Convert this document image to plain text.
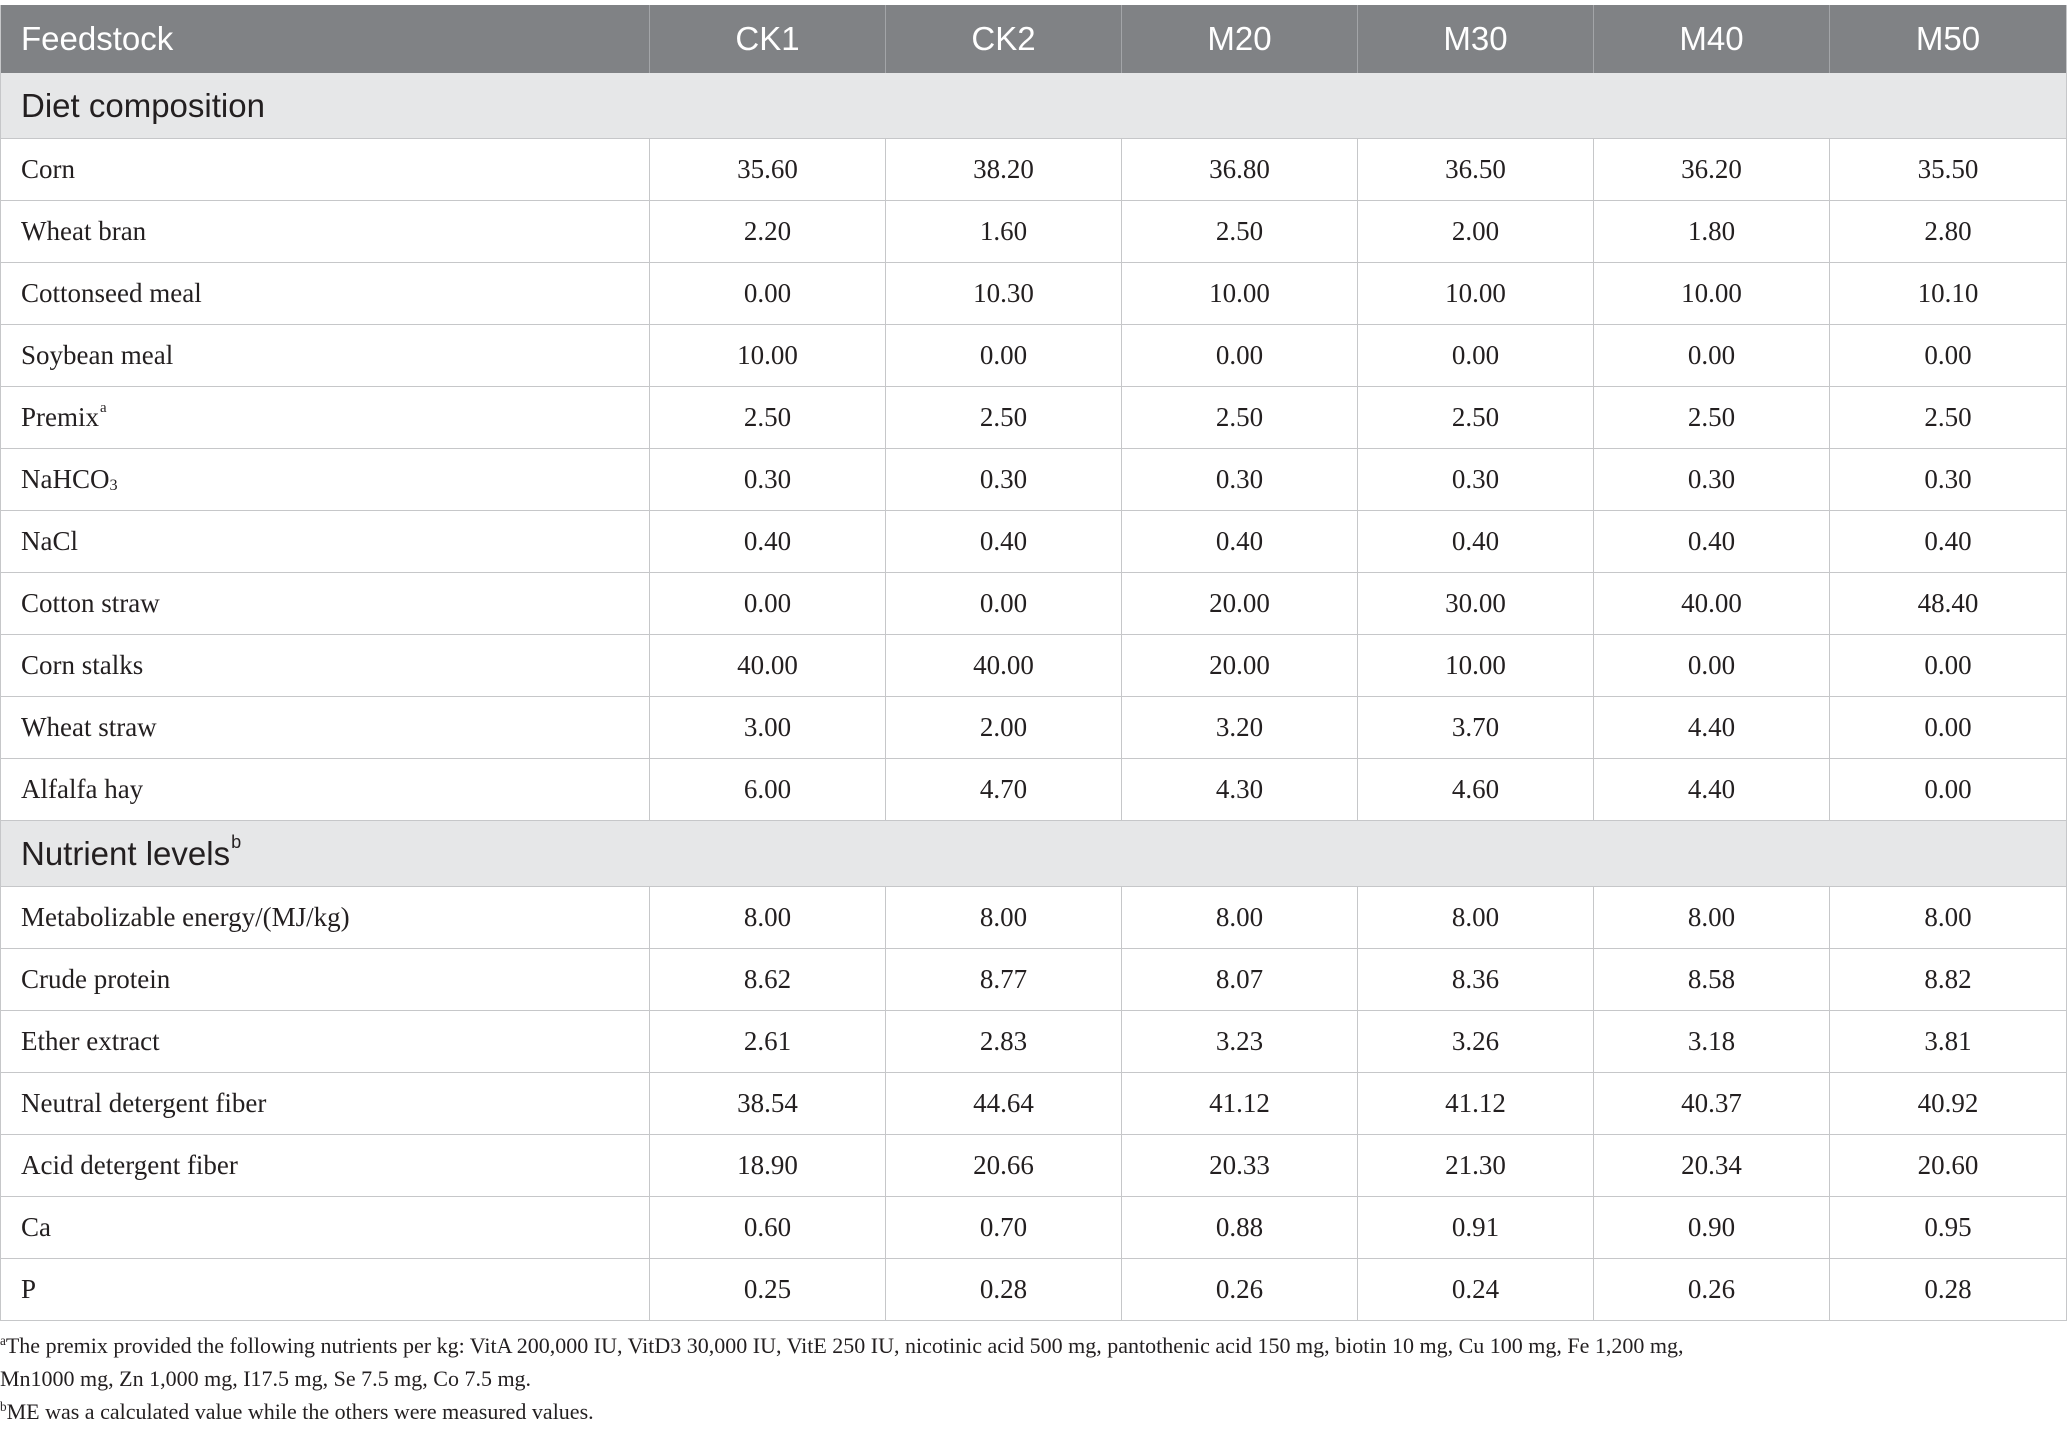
Feedstock	CK1	CK2	M20	M30	M40	M50
Diet composition
Corn	35.60	38.20	36.80	36.50	36.20	35.50
Wheat bran	2.20	1.60	2.50	2.00	1.80	2.80
Cottonseed meal	0.00	10.30	10.00	10.00	10.00	10.10
Soybean meal	10.00	0.00	0.00	0.00	0.00	0.00
Premix a	2.50	2.50	2.50	2.50	2.50	2.50
NaHCO 3	0.30	0.30	0.30	0.30	0.30	0.30
NaCl	0.40	0.40	0.40	0.40	0.40	0.40
Cotton straw	0.00	0.00	20.00	30.00	40.00	48.40
Corn stalks	40.00	40.00	20.00	10.00	0.00	0.00
Wheat straw	3.00	2.00	3.20	3.70	4.40	0.00
Alfalfa hay	6.00	4.70	4.30	4.60	4.40	0.00
Nutrient levels b
Metabolizable energy/(MJ/kg)	8.00	8.00	8.00	8.00	8.00	8.00
Crude protein	8.62	8.77	8.07	8.36	8.58	8.82
Ether extract	2.61	2.83	3.23	3.26	3.18	3.81
Neutral detergent fiber	38.54	44.64	41.12	41.12	40.37	40.92
Acid detergent fiber	18.90	20.66	20.33	21.30	20.34	20.60
Ca	0.60	0.70	0.88	0.91	0.90	0.95
P	0.25	0.28	0.26	0.24	0.26	0.28
$^a$The premix provided the following nutrients per kg: VitA 200,000 IU, VitD3 30,000 IU, VitE 250 IU, nicotinic acid 500 mg, pantothenic acid 150 mg, biotin 10 mg, Cu 100 mg, Fe 1,200 mg,
Mn1000 mg, Zn 1,000 mg, I17.5 mg, Se 7.5 mg, Co 7.5 mg.
$^b$ME was a calculated value while the others were measured values.
